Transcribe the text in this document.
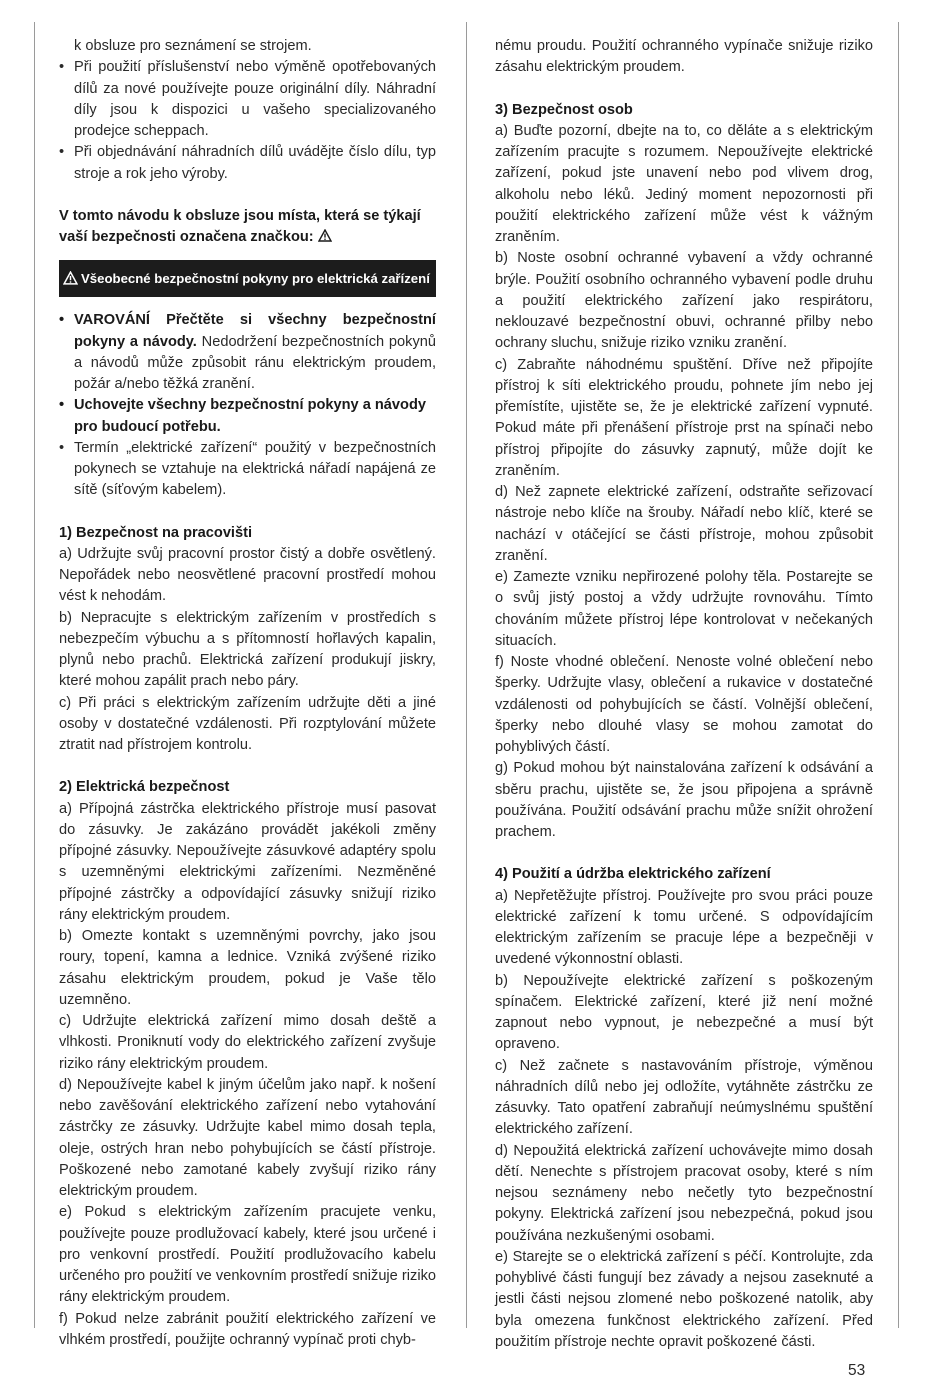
k obsluze pro seznámení se strojem.

• Při použití příslušenství nebo výměně opotřebovaných dílů za nové používejte pouze originální díly. Náhradní díly jsou k dispozici u vašeho specializovaného prodejce scheppach.

• Při objednávání náhradních dílů uvádějte číslo dílu, typ stroje a rok jeho výroby.

V tomto návodu k obsluze jsou místa, která se týkají vaší bezpečnosti označena značkou:

Všeobecné bezpečnostní pokyny pro elektrická zařízení

• VAROVÁNÍ Přečtěte si všechny bezpečnostní pokyny a návody. Nedodržení bezpečnostních pokynů a návodů může způsobit ránu elektrickým proudem, požár a/nebo těžká zranění.

• Uchovejte všechny bezpečnostní pokyny a návody pro budoucí potřebu.

• Termín „elektrické zařízení“ použitý v bezpečnostních pokynech se vztahuje na elektrická nářadí napájená ze sítě (síťovým kabelem).

1) Bezpečnost na pracovišti

a) Udržujte svůj pracovní prostor čistý a dobře osvětlený. Nepořádek nebo neosvětlené pracovní prostředí mohou vést k nehodám.

b) Nepracujte s elektrickým zařízením v prostředích s nebezpečím výbuchu a s přítomností hořlavých kapalin, plynů nebo prachů. Elektrická zařízení produkují jiskry, které mohou zapálit prach nebo páry.

c) Při práci s elektrickým zařízením udržujte děti a jiné osoby v dostatečné vzdálenosti. Při rozptylování můžete ztratit nad přístrojem kontrolu.

2) Elektrická bezpečnost

a) Přípojná zástrčka elektrického přístroje musí pasovat do zásuvky. Je zakázáno provádět jakékoli změny přípojné zásuvky. Nepoužívejte zásuvkové adaptéry spolu s uzemněnými elektrickými zařízeními. Nezměněné přípojné zástrčky a odpovídající zásuvky snižují riziko rány elektrickým proudem.

b) Omezte kontakt s uzemněnými povrchy, jako jsou roury, topení, kamna a lednice. Vzniká zvýšené riziko zásahu elektrickým proudem, pokud je Vaše tělo uzemněno.

c) Udržujte elektrická zařízení mimo dosah deště a vlhkosti. Proniknutí vody do elektrického zařízení zvyšuje riziko rány elektrickým proudem.

d) Nepoužívejte kabel k jiným účelům jako např. k nošení nebo zavěšování elektrického zařízení nebo vytahování zástrčky ze zásuvky. Udržujte kabel mimo dosah tepla, oleje, ostrých hran nebo pohybujících se částí přístroje. Poškozené nebo zamotané kabely zvyšují riziko rány elektrickým proudem.

e) Pokud s elektrickým zařízením pracujete venku, používejte pouze prodlužovací kabely, které jsou určené i pro venkovní prostředí. Použití prodlužovacího kabelu určeného pro použití ve venkovním prostředí snižuje riziko rány elektrickým proudem.

f) Pokud nelze zabránit použití elektrického zařízení ve vlhkém prostředí, použijte ochranný vypínač proti chyb-

nému proudu. Použití ochranného vypínače snižuje riziko zásahu elektrickým proudem.

3) Bezpečnost osob

a) Buďte pozorní, dbejte na to, co děláte a s elektrickým zařízením pracujte s rozumem. Nepoužívejte elektrické zařízení, pokud jste unavení nebo pod vlivem drog, alkoholu nebo léků. Jediný moment nepozornosti při použití elektrického zařízení může vést k vážným zraněním.

b) Noste osobní ochranné vybavení a vždy ochranné brýle. Použití osobního ochranného vybavení podle druhu a použití elektrického zařízení jako respirátoru, neklouzavé bezpečnostní obuvi, ochranné přilby nebo ochrany sluchu, snižuje riziko vzniku zranění.

c) Zabraňte náhodnému spuštění. Dříve než připojíte přístroj k síti elektrického proudu, pohnete jím nebo jej přemístíte, ujistěte se, že je elektrické zařízení vypnuté. Pokud máte při přenášení přístroje prst na spínači nebo přístroj připojíte do zásuvky zapnutý, může dojít ke zraněním.

d) Než zapnete elektrické zařízení, odstraňte seřizovací nástroje nebo klíče na šrouby. Nářadí nebo klíč, které se nachází v otáčející se části přístroje, mohou způsobit zranění.

e) Zamezte vzniku nepřirozené polohy těla. Postarejte se o svůj jistý postoj a vždy udržujte rovnováhu. Tímto chováním můžete přístroj lépe kontrolovat v nečekaných situacích.

f) Noste vhodné oblečení. Nenoste volné oblečení nebo šperky. Udržujte vlasy, oblečení a rukavice v dostatečné vzdálenosti od pohybujících se částí. Volnější oblečení, šperky nebo dlouhé vlasy se mohou zamotat do pohyblivých částí.

g) Pokud mohou být nainstalována zařízení k odsávání a sběru prachu, ujistěte se, že jsou připojena a správně používána. Použití odsávání prachu může snížit ohrožení prachem.

4) Použití a údržba elektrického zařízení

a) Nepřetěžujte přístroj. Používejte pro svou práci pouze elektrické zařízení k tomu určené. S odpovídajícím elektrickým zařízením se pracuje lépe a bezpečněji v uvedené výkonnostní oblasti.

b) Nepoužívejte elektrické zařízení s poškozeným spínačem. Elektrické zařízení, které již není možné zapnout nebo vypnout, je nebezpečné a musí být opraveno.

c) Než začnete s nastavováním přístroje, výměnou náhradních dílů nebo jej odložíte, vytáhněte zástrčku ze zásuvky. Tato opatření zabraňují neúmyslnému spuštění elektrického zařízení.

d) Nepoužitá elektrická zařízení uchovávejte mimo dosah dětí. Nenechte s přístrojem pracovat osoby, které s ním nejsou seznámeny nebo nečetly tyto bezpečnostní pokyny. Elektrická zařízení jsou nebezpečná, pokud jsou používána nezkušenými osobami.

e) Starejte se o elektrická zařízení s péčí. Kontrolujte, zda pohyblivé části fungují bez závady a nejsou zaseknuté a jestli části nejsou zlomené nebo poškozené natolik, aby byla omezena funkčnost elektrického zařízení. Před použitím přístroje nechte opravit poškozené části.

53
